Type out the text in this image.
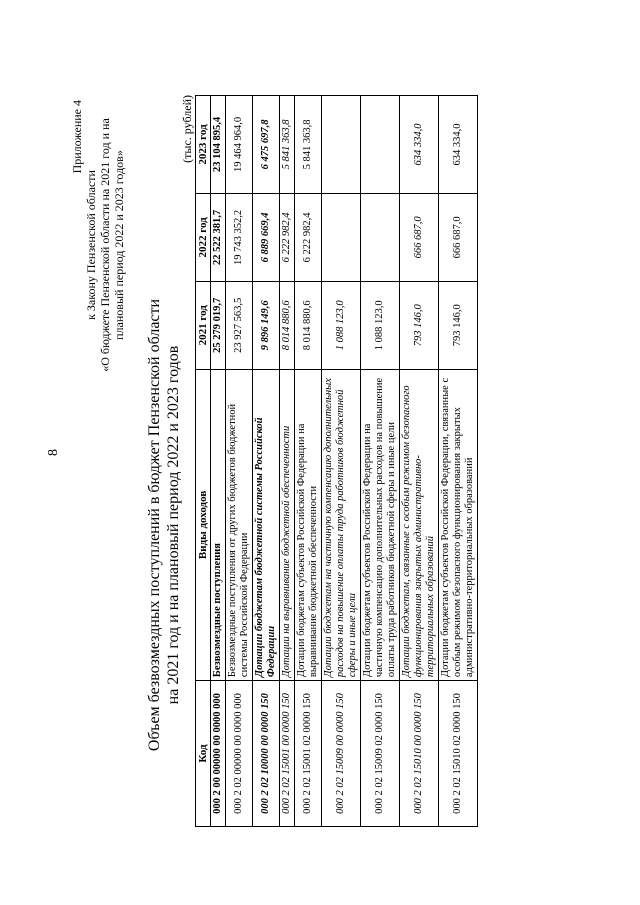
8
Приложение 4
к Закону Пензенской области «О бюджете Пензенской области на 2021 год и на плановый период 2022 и 2023 годов»
Объем безвозмездных поступлений в бюджет Пензенской области на 2021 год и на плановый период 2022 и 2023 годов
(тыс. рублей)
Код	Виды доходов	2021 год	2022 год	2023 год
000 2 00 00000 00 0000 000	Безвозмездные поступления	25 279 019,7	22 522 381,7	23 104 895,4
000 2 02 00000 00 0000 000	Безвозмездные поступления от других бюджетов бюджетной системы Российской Федерации	23 927 563,5	19 743 352,2	19 464 964,0
000 2 02 10000 00 0000 150	Дотации бюджетам бюджетной системы Российской Федерации	9 896 149,6	6 889 669,4	6 475 697,8
000 2 02 15001 00 0000 150	Дотации на выравнивание бюджетной обеспеченности	8 014 880,6	6 222 982,4	5 841 363,8
000 2 02 15001 02 0000 150	Дотации бюджетам субъектов Российской Федерации на выравнивание бюджетной обеспеченности	8 014 880,6	6 222 982,4	5 841 363,8
000 2 02 15009 00 0000 150	Дотации бюджетам на частичную компенсацию дополнительных расходов на повышение оплаты труда работников бюджетной сферы и иные цели	1 088 123,0		
000 2 02 15009 02 0000 150	Дотации бюджетам субъектов Российской Федерации на частичную компенсацию дополнительных расходов на повышение оплаты труда работников бюджетной сферы и иные цели	1 088 123,0		
000 2 02 15010 00 0000 150	Дотации бюджетам, связанные с особым режимом безопасного функционирования закрытых административно-территориальных образований	793 146,0	666 687,0	634 334,0
000 2 02 15010 02 0000 150	Дотации бюджетам субъектов Российской Федерации, связанные с особым режимом безопасного функционирования закрытых административно-территориальных образований	793 146,0	666 687,0	634 334,0
